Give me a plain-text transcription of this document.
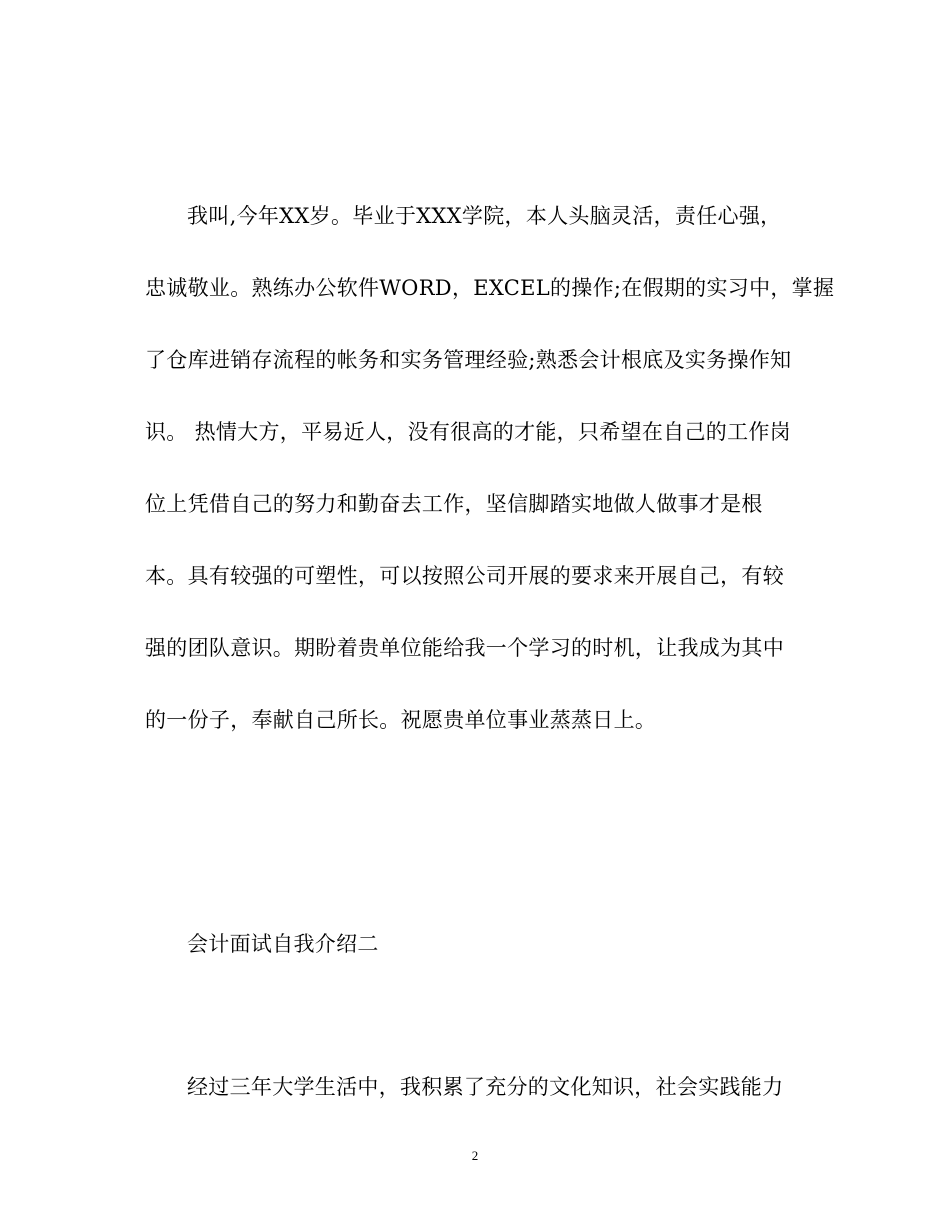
我叫,今年XX岁。毕业于XXX学院，本人头脑灵活，责任心强，
忠诚敬业。熟练办公软件WORD，EXCEL的操作;在假期的实习中，掌握
了仓库进销存流程的帐务和实务管理经验;熟悉会计根底及实务操作知
识。 热情大方，平易近人，没有很高的才能，只希望在自己的工作岗
位上凭借自己的努力和勤奋去工作，坚信脚踏实地做人做事才是根
本。具有较强的可塑性，可以按照公司开展的要求来开展自己，有较
强的团队意识。期盼着贵单位能给我一个学习的时机，让我成为其中
的一份子，奉献自己所长。祝愿贵单位事业蒸蒸日上。
会计面试自我介绍二
经过三年大学生活中，我积累了充分的文化知识，社会实践能力
2
